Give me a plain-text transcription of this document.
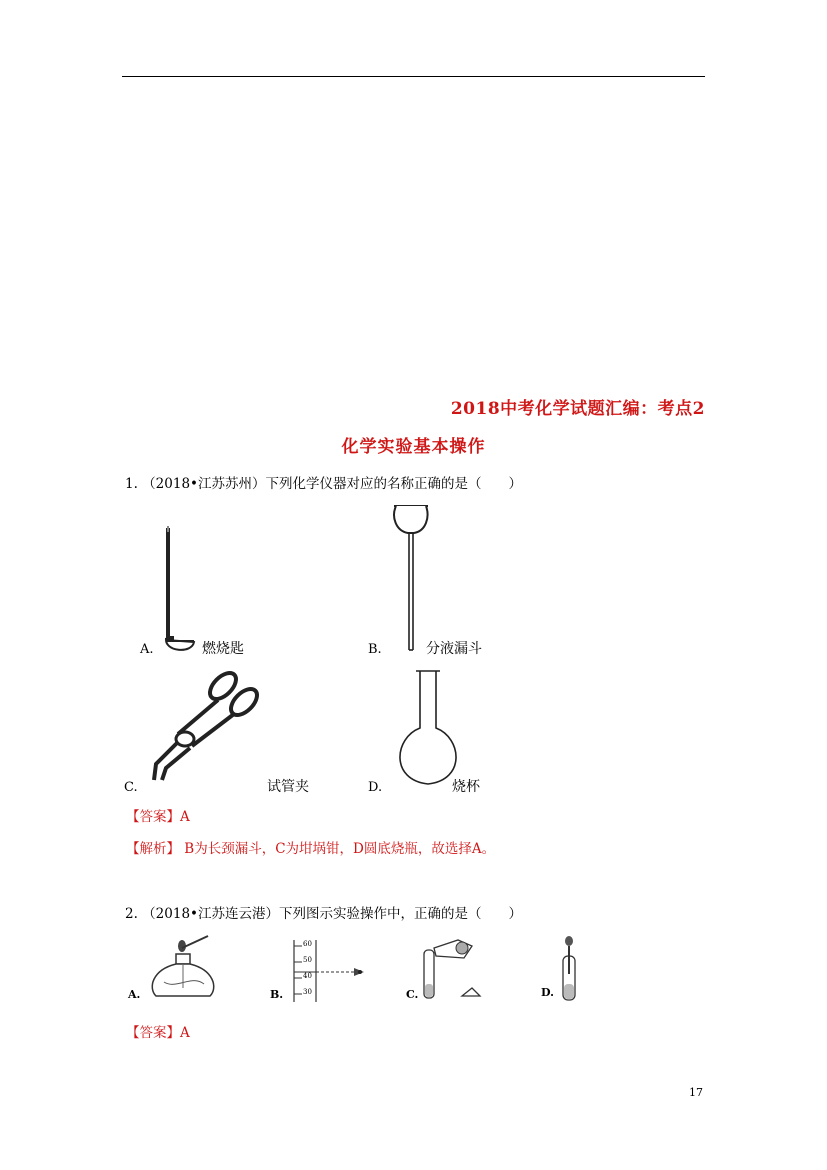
2018中考化学试题汇编：考点2
化学实验基本操作
1. （2018•江苏苏州）下列化学仪器对应的名称正确的是（　　）
A.	燃烧匙	B.	分液漏斗
C.	试管夹	D.	烧杯
【答案】A
【解析】 B为长颈漏斗，C为坩埚钳，D圆底烧瓶，故选择A。
2. （2018•江苏连云港）下列图示实验操作中，正确的是（　　）
A.
60
50
40
30
B.	C.	D.
【答案】A
17
